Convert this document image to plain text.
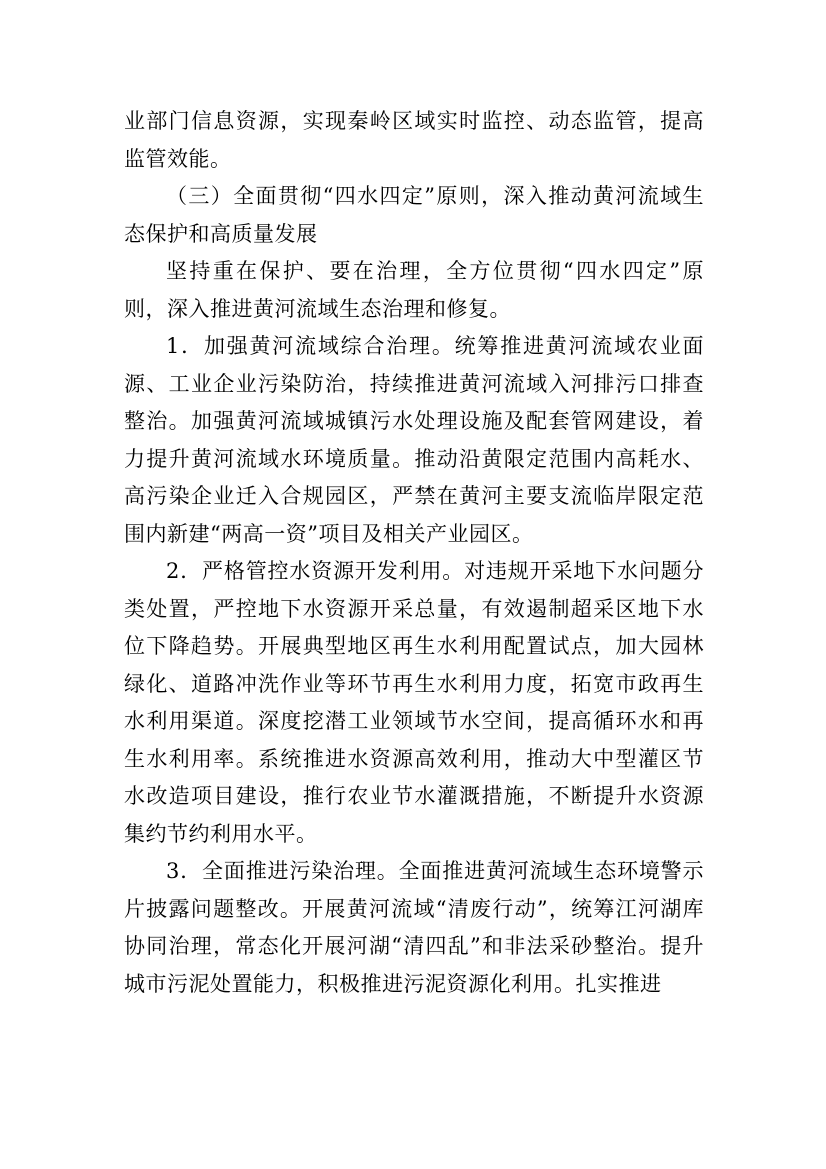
业部门信息资源，实现秦岭区域实时监控、动态监管，提高监管效能。

（三）全面贯彻“四水四定”原则，深入推动黄河流域生态保护和高质量发展

坚持重在保护、要在治理，全方位贯彻“四水四定”原则，深入推进黄河流域生态治理和修复。

1．加强黄河流域综合治理。统筹推进黄河流域农业面源、工业企业污染防治，持续推进黄河流域入河排污口排查整治。加强黄河流域城镇污水处理设施及配套管网建设，着力提升黄河流域水环境质量。推动沿黄限定范围内高耗水、高污染企业迁入合规园区，严禁在黄河主要支流临岸限定范围内新建“两高一资”项目及相关产业园区。

2．严格管控水资源开发利用。对违规开采地下水问题分类处置，严控地下水资源开采总量，有效遏制超采区地下水位下降趋势。开展典型地区再生水利用配置试点，加大园林绿化、道路冲洗作业等环节再生水利用力度，拓宽市政再生水利用渠道。深度挖潜工业领域节水空间，提高循环水和再生水利用率。系统推进水资源高效利用，推动大中型灌区节水改造项目建设，推行农业节水灌溉措施，不断提升水资源集约节约利用水平。

3．全面推进污染治理。全面推进黄河流域生态环境警示片披露问题整改。开展黄河流域“清废行动”，统筹江河湖库协同治理，常态化开展河湖“清四乱”和非法采砂整治。提升城市污泥处置能力，积极推进污泥资源化利用。扎实推进
